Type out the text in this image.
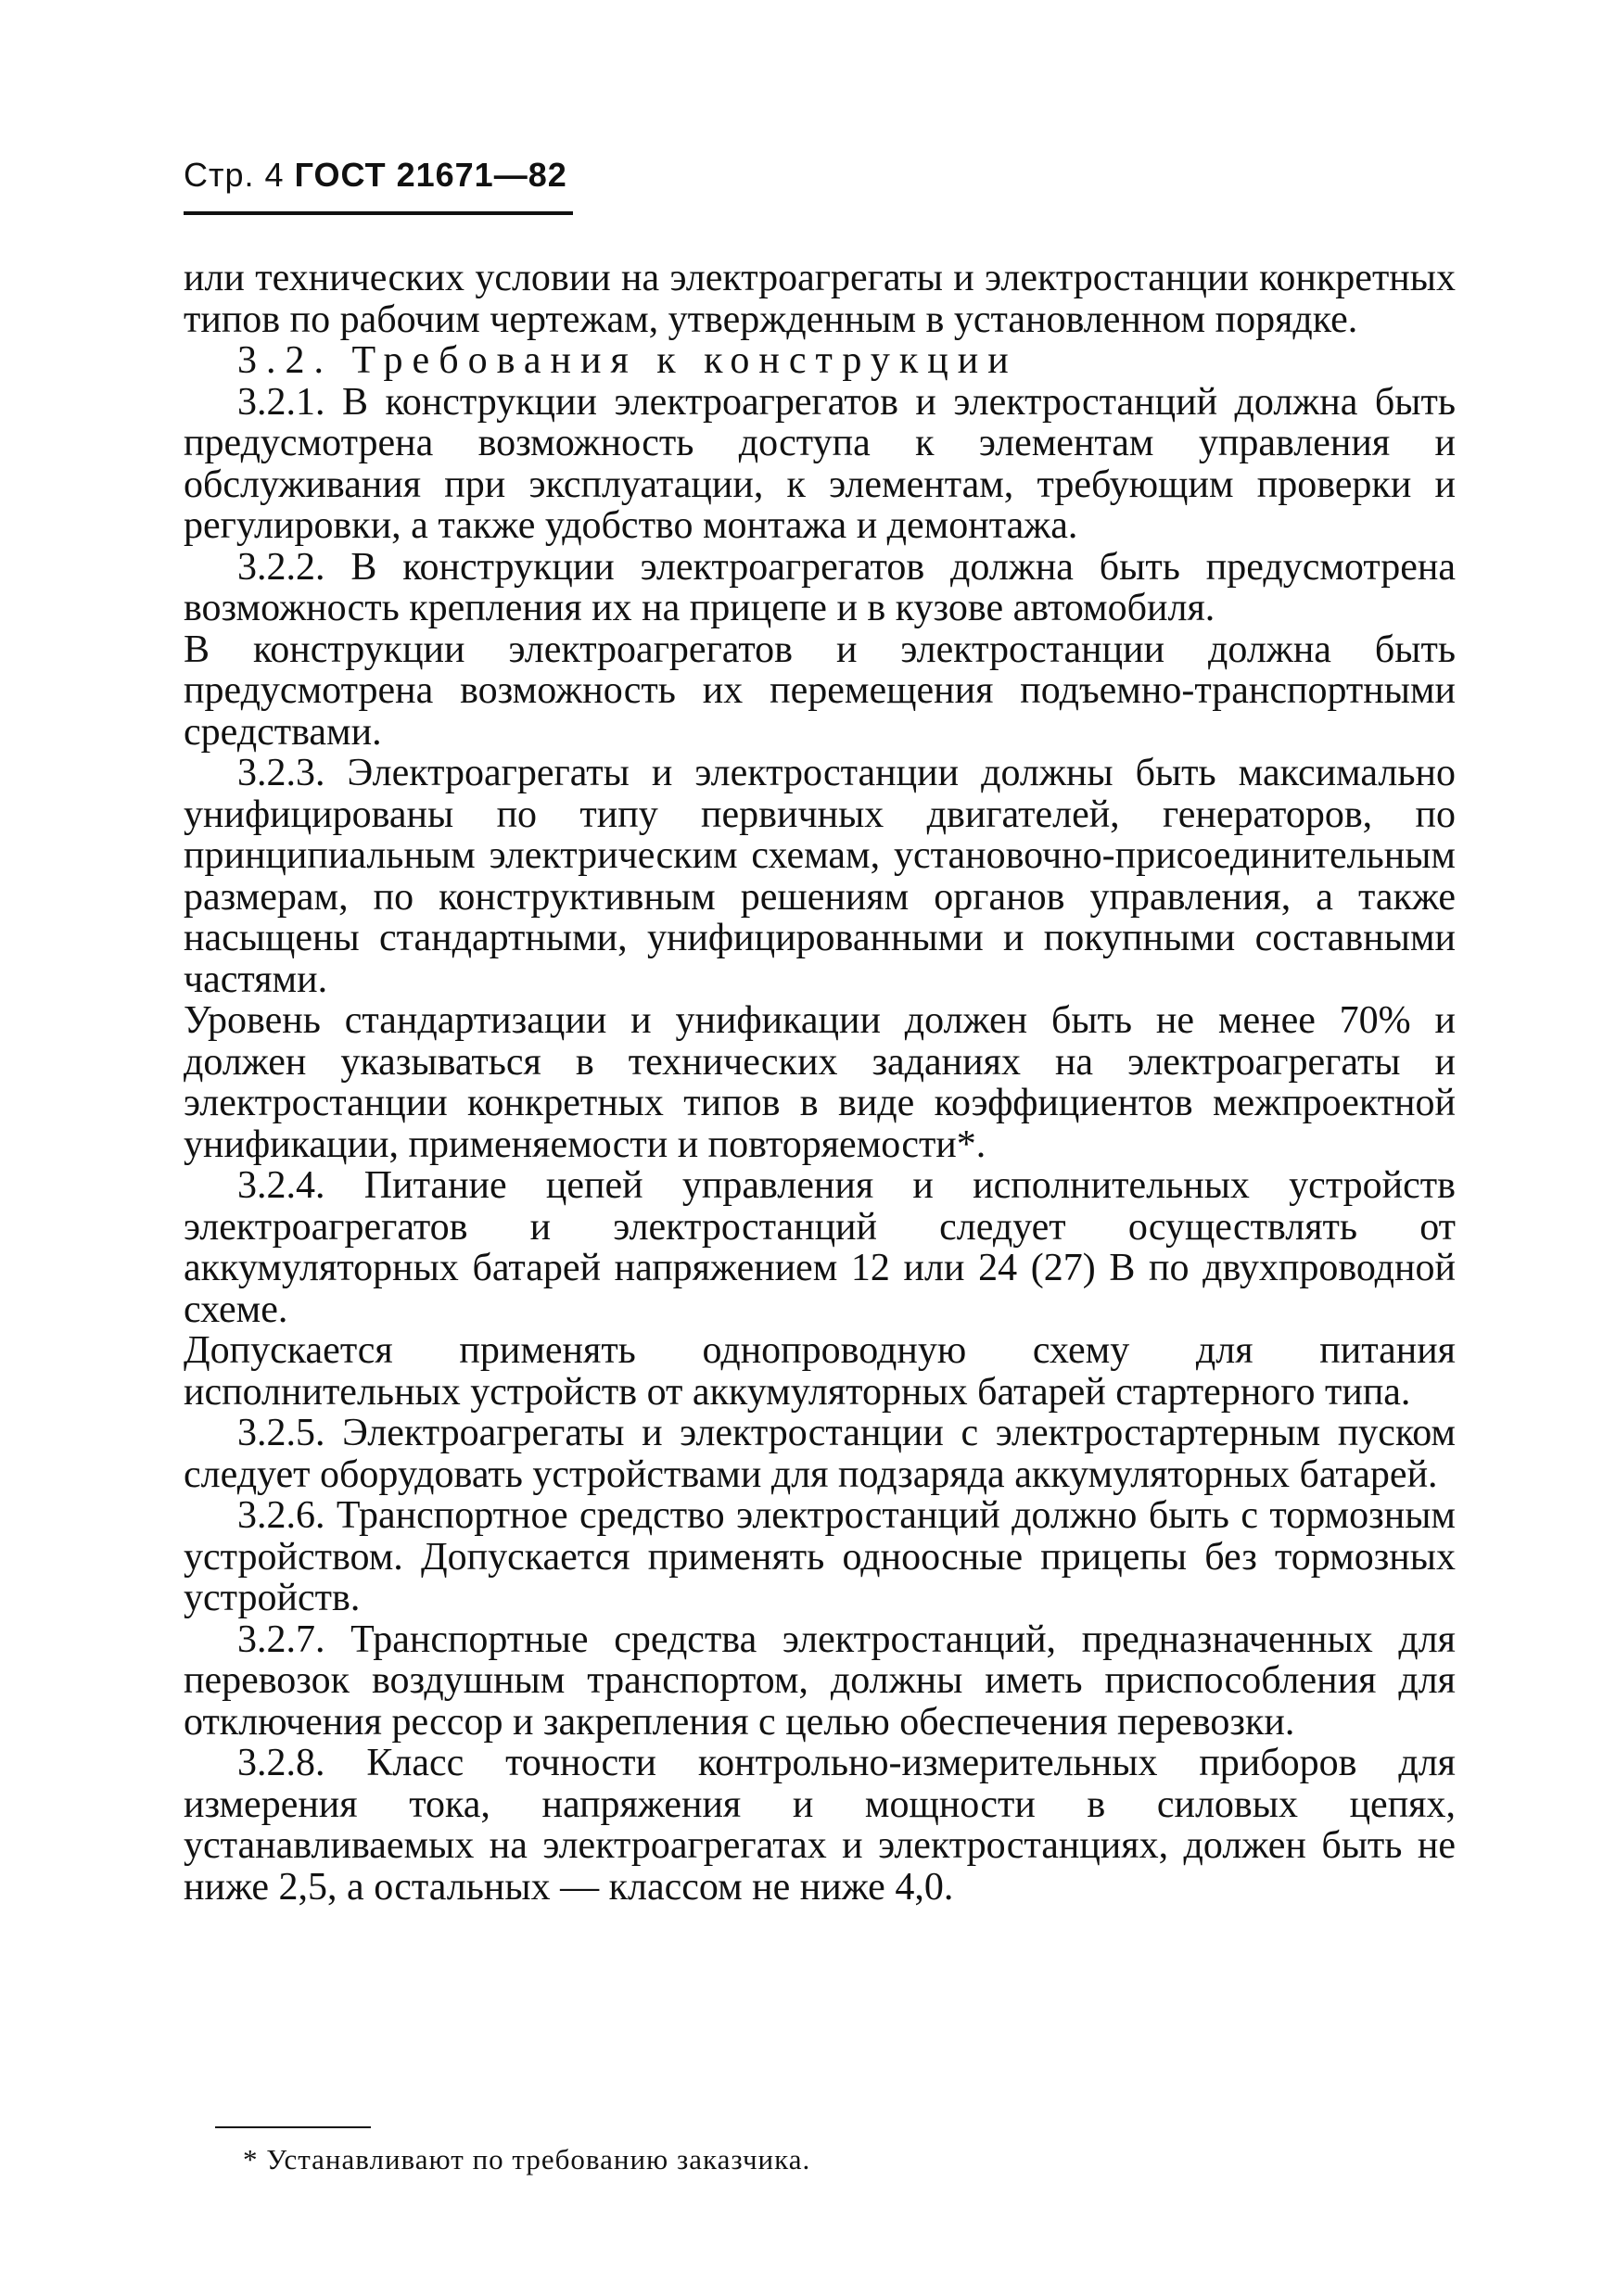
Стр. 4 ГОСТ 21671—82

или технических условии на электроагрегаты и электростанции конкретных типов по рабочим чертежам, утвержденным в установленном порядке.

3.2. Требования к конструкции

3.2.1. В конструкции электроагрегатов и электростанций должна быть предусмотрена возможность доступа к элементам управления и обслуживания при эксплуатации, к элементам, требующим проверки и регулировки, а также удобство монтажа и демонтажа.

3.2.2. В конструкции электроагрегатов должна быть предусмотрена возможность крепления их на прицепе и в кузове автомобиля.

В конструкции электроагрегатов и электростанции должна быть предусмотрена возможность их перемещения подъемно-транспортными средствами.

3.2.3. Электроагрегаты и электростанции должны быть максимально унифицированы по типу первичных двигателей, генераторов, по принципиальным электрическим схемам, установочно-присоединительным размерам, по конструктивным решениям органов управления, а также насыщены стандартными, унифицированными и покупными составными частями.

Уровень стандартизации и унификации должен быть не менее 70% и должен указываться в технических заданиях на электроагрегаты и электростанции конкретных типов в виде коэффициентов межпроектной унификации, применяемости и повторяемости*.

3.2.4. Питание цепей управления и исполнительных устройств электроагрегатов и электростанций следует осуществлять от аккумуляторных батарей напряжением 12 или 24 (27) В по двухпроводной схеме.

Допускается применять однопроводную схему для питания исполнительных устройств от аккумуляторных батарей стартерного типа.

3.2.5. Электроагрегаты и электростанции с электростартерным пуском следует оборудовать устройствами для подзаряда аккумуляторных батарей.

3.2.6. Транспортное средство электростанций должно быть с тормозным устройством. Допускается применять одноосные прицепы без тормозных устройств.

3.2.7. Транспортные средства электростанций, предназначенных для перевозок воздушным транспортом, должны иметь приспособления для отключения рессор и закрепления с целью обеспечения перевозки.

3.2.8. Класс точности контрольно-измерительных приборов для измерения тока, напряжения и мощности в силовых цепях, устанавливаемых на электроагрегатах и электростанциях, должен быть не ниже 2,5, а остальных — классом не ниже 4,0.

* Устанавливают по требованию заказчика.
